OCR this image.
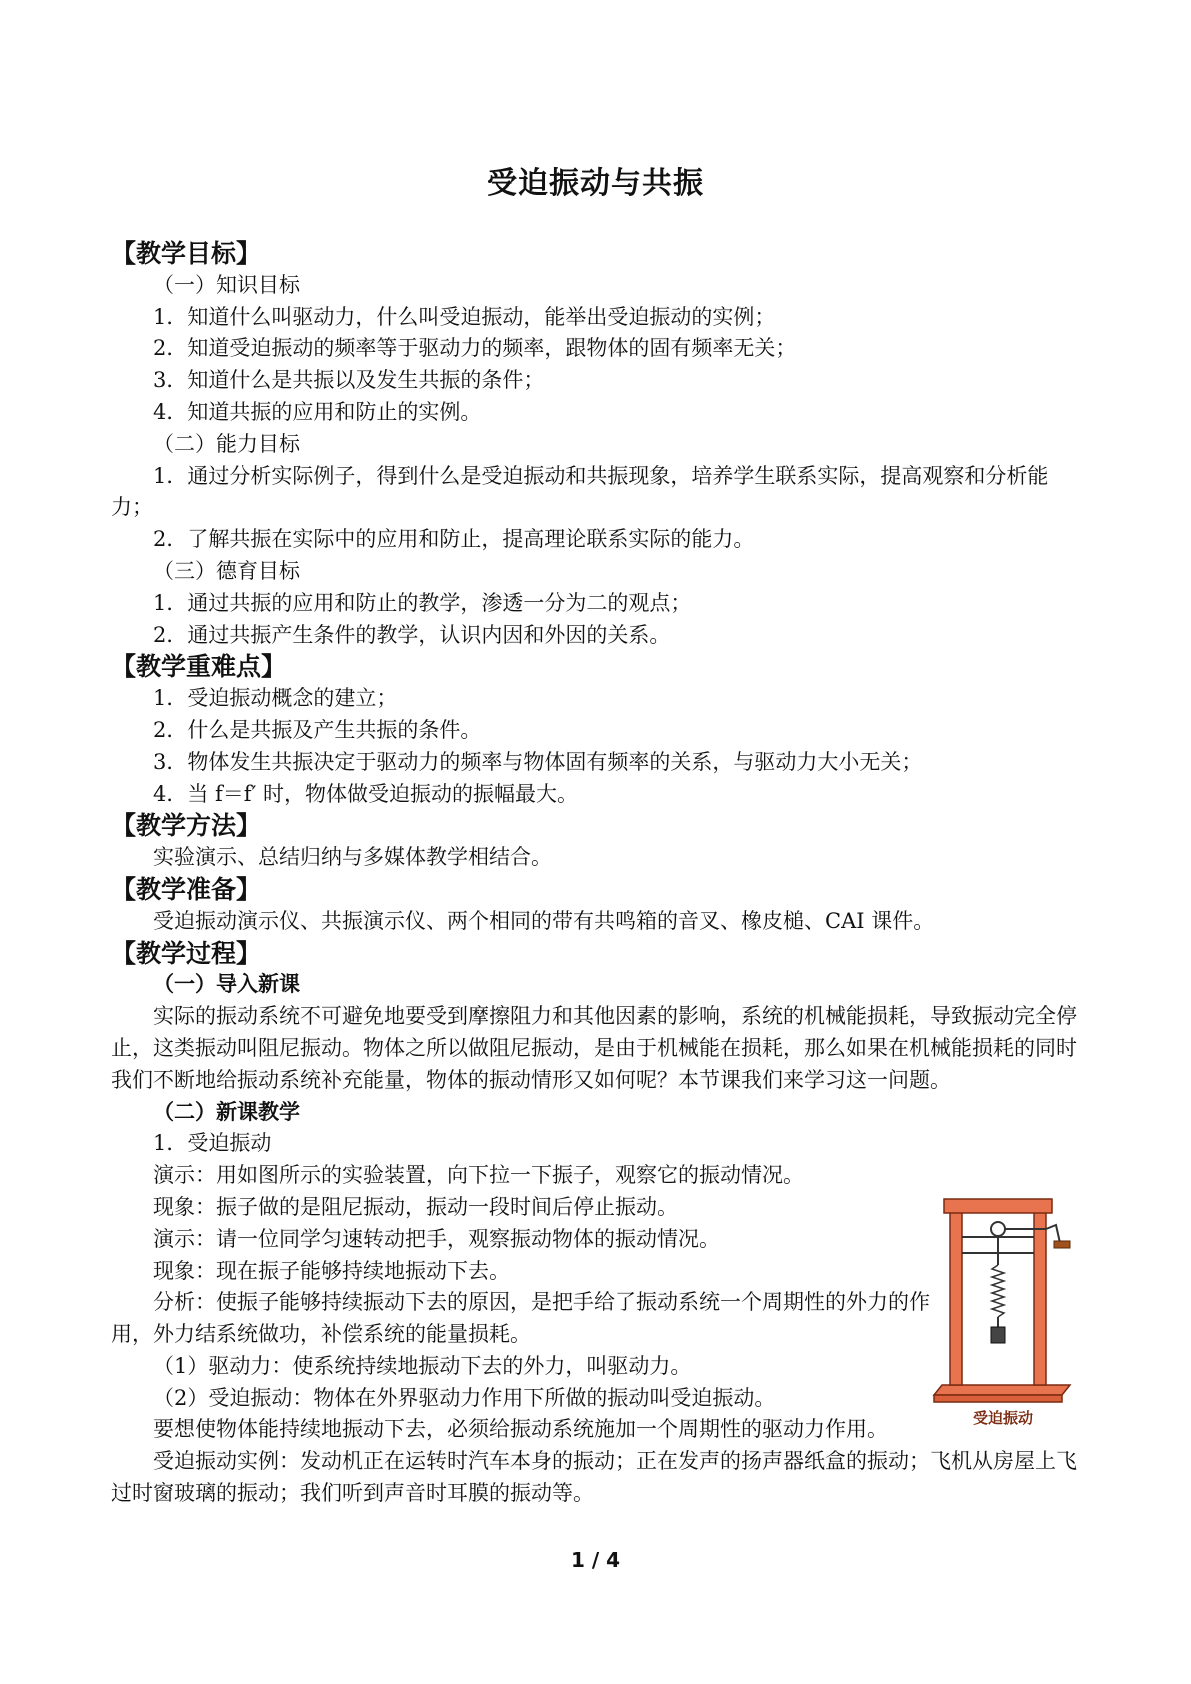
受迫振动与共振
【教学目标】
（一）知识目标
1．知道什么叫驱动力，什么叫受迫振动，能举出受迫振动的实例；
2．知道受迫振动的频率等于驱动力的频率，跟物体的固有频率无关；
3．知道什么是共振以及发生共振的条件；
4．知道共振的应用和防止的实例。
（二）能力目标
1．通过分析实际例子，得到什么是受迫振动和共振现象，培养学生联系实际，提高观察和分析能力；
2．了解共振在实际中的应用和防止，提高理论联系实际的能力。
（三）德育目标
1．通过共振的应用和防止的教学，渗透一分为二的观点；
2．通过共振产生条件的教学，认识内因和外因的关系。
【教学重难点】
1．受迫振动概念的建立；
2．什么是共振及产生共振的条件。
3．物体发生共振决定于驱动力的频率与物体固有频率的关系，与驱动力大小无关；
4．当 f＝f′ 时，物体做受迫振动的振幅最大。
【教学方法】
实验演示、总结归纳与多媒体教学相结合。
【教学准备】
受迫振动演示仪、共振演示仪、两个相同的带有共鸣箱的音叉、橡皮槌、CAI 课件。
【教学过程】
（一）导入新课
实际的振动系统不可避免地要受到摩擦阻力和其他因素的影响，系统的机械能损耗，导致振动完全停止，这类振动叫阻尼振动。物体之所以做阻尼振动，是由于机械能在损耗，那么如果在机械能损耗的同时我们不断地给振动系统补充能量，物体的振动情形又如何呢？本节课我们来学习这一问题。
（二）新课教学
1．受迫振动
演示：用如图所示的实验装置，向下拉一下振子，观察它的振动情况。
现象：振子做的是阻尼振动，振动一段时间后停止振动。
演示：请一位同学匀速转动把手，观察振动物体的振动情况。
现象：现在振子能够持续地振动下去。
分析：使振子能够持续振动下去的原因，是把手给了振动系统一个周期性的外力的作用，外力结系统做功，补偿系统的能量损耗。
（1）驱动力：使系统持续地振动下去的外力，叫驱动力。
（2）受迫振动：物体在外界驱动力作用下所做的振动叫受迫振动。
要想使物体能持续地振动下去，必须给振动系统施加一个周期性的驱动力作用。
受迫振动实例：发动机正在运转时汽车本身的振动；正在发声的扬声器纸盒的振动；飞机从房屋上飞过时窗玻璃的振动；我们听到声音时耳膜的振动等。
受迫振动
1 / 4
